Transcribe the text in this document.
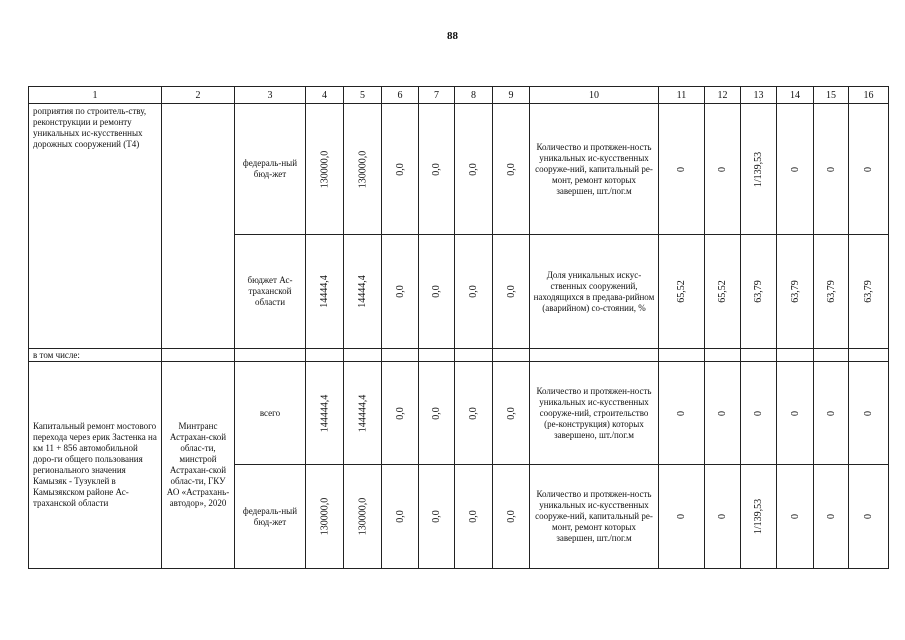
88
1	2	3	4	5	6	7	8	9	10	11	12	13	14	15	16
роприятия по строитель-ству, реконструкции и ремонту уникальных ис-кусственных дорожных сооружений (Т4)		федераль-ный бюд-жет	130000,0	130000,0	0,0	0,0	0,0	0,0	Количество и протяжен-ность уникальных ис-кусственных сооруже-ний, капитальный ре-монт, ремонт которых завершен, шт./пог.м	0	0	1/139,53	0	0	0
		бюджет Ас-траханской области	14444,4	14444,4	0,0	0,0	0,0	0,0	Доля уникальных искус-ственных сооружений, находящихся в предава-рийном (аварийном) со-стоянии, %	65,52	65,52	63,79	63,79	63,79	63,79
в том числе:															
Капитальный ремонт мостового перехода через ерик Застенка на км 11 + 856 автомобильной доро-ги общего пользования регионального значения Камызяк - Тузуклей в Камызякском районе Ас-траханской области	Минтранс Астрахан-ской облас-ти, минстрой Астрахан-ской облас-ти, ГКУ АО «Астрахань-автодор», 2020	всего	144444,4	144444,4	0,0	0,0	0,0	0,0	Количество и протяжен-ность уникальных ис-кусственных сооруже-ний, строительство (ре-конструкция) которых завершено, шт./пог.м	0	0	0	0	0	0
		федераль-ный бюд-жет	130000,0	130000,0	0,0	0,0	0,0	0,0	Количество и протяжен-ность уникальных ис-кусственных сооруже-ний, капитальный ре-монт, ремонт которых завершен, шт./пог.м	0	0	1/139,53	0	0	0
